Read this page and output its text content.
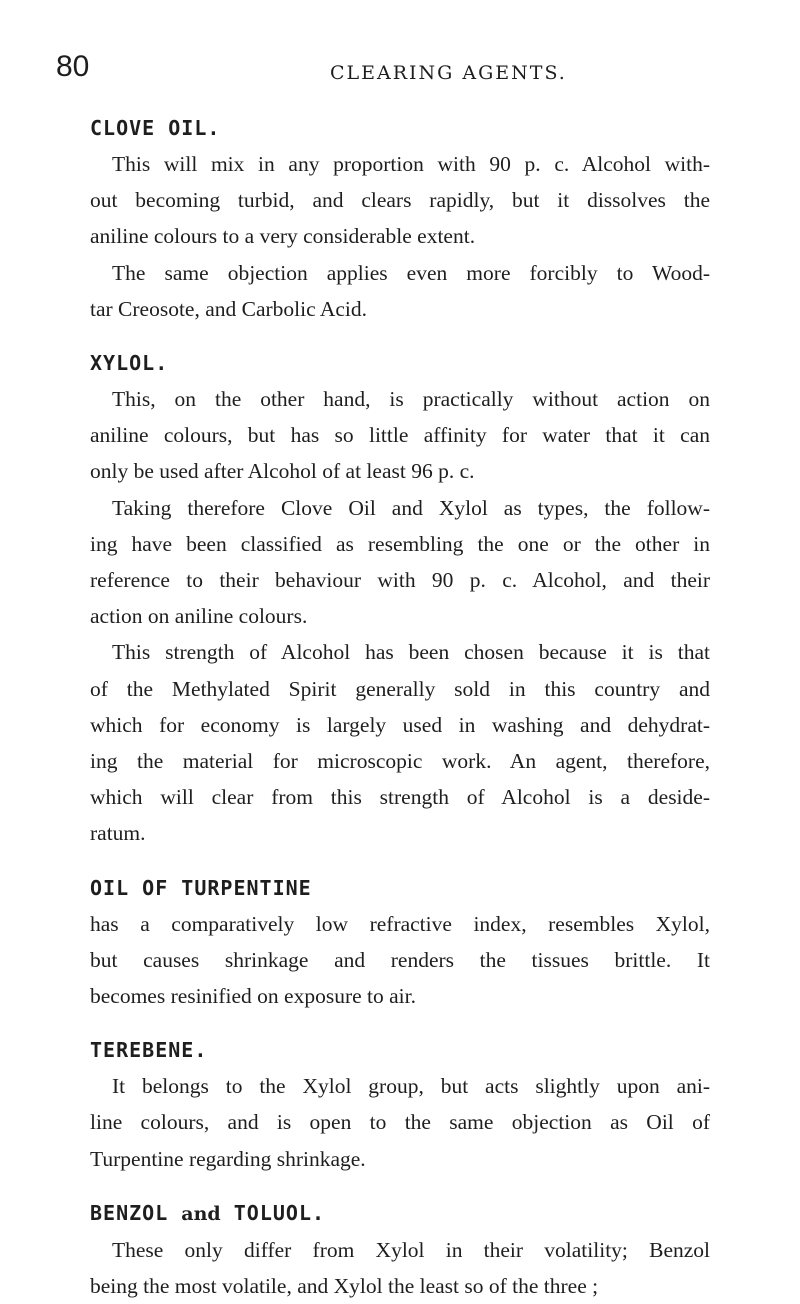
80	CLEARING AGENTS.
CLOVE OIL.
This will mix in any proportion with 90 p. c. Alcohol with-
out becoming turbid, and clears rapidly, but it dissolves the
aniline colours to a very considerable extent.
The same objection applies even more forcibly to Wood-
tar Creosote, and Carbolic Acid.
XYLOL.
This, on the other hand, is practically without action on
aniline colours, but has so little affinity for water that it can
only be used after Alcohol of at least 96 p. c.
Taking therefore Clove Oil and Xylol as types, the follow-
ing have been classified as resembling the one or the other in
reference to their behaviour with 90 p. c. Alcohol, and their
action on aniline colours.
This strength of Alcohol has been chosen because it is that
of the Methylated Spirit generally sold in this country and
which for economy is largely used in washing and dehydrat-
ing the material for microscopic work. An agent, therefore,
which will clear from this strength of Alcohol is a deside-
ratum.
OIL OF TURPENTINE
has a comparatively low refractive index, resembles Xylol,
but causes shrinkage and renders the tissues brittle. It
becomes resinified on exposure to air.
TEREBENE.
It belongs to the Xylol group, but acts slightly upon ani-
line colours, and is open to the same objection as Oil of
Turpentine regarding shrinkage.
BENZOL and TOLUOL.
These only differ from Xylol in their volatility; Benzol
being the most volatile, and Xylol the least so of the three ;
